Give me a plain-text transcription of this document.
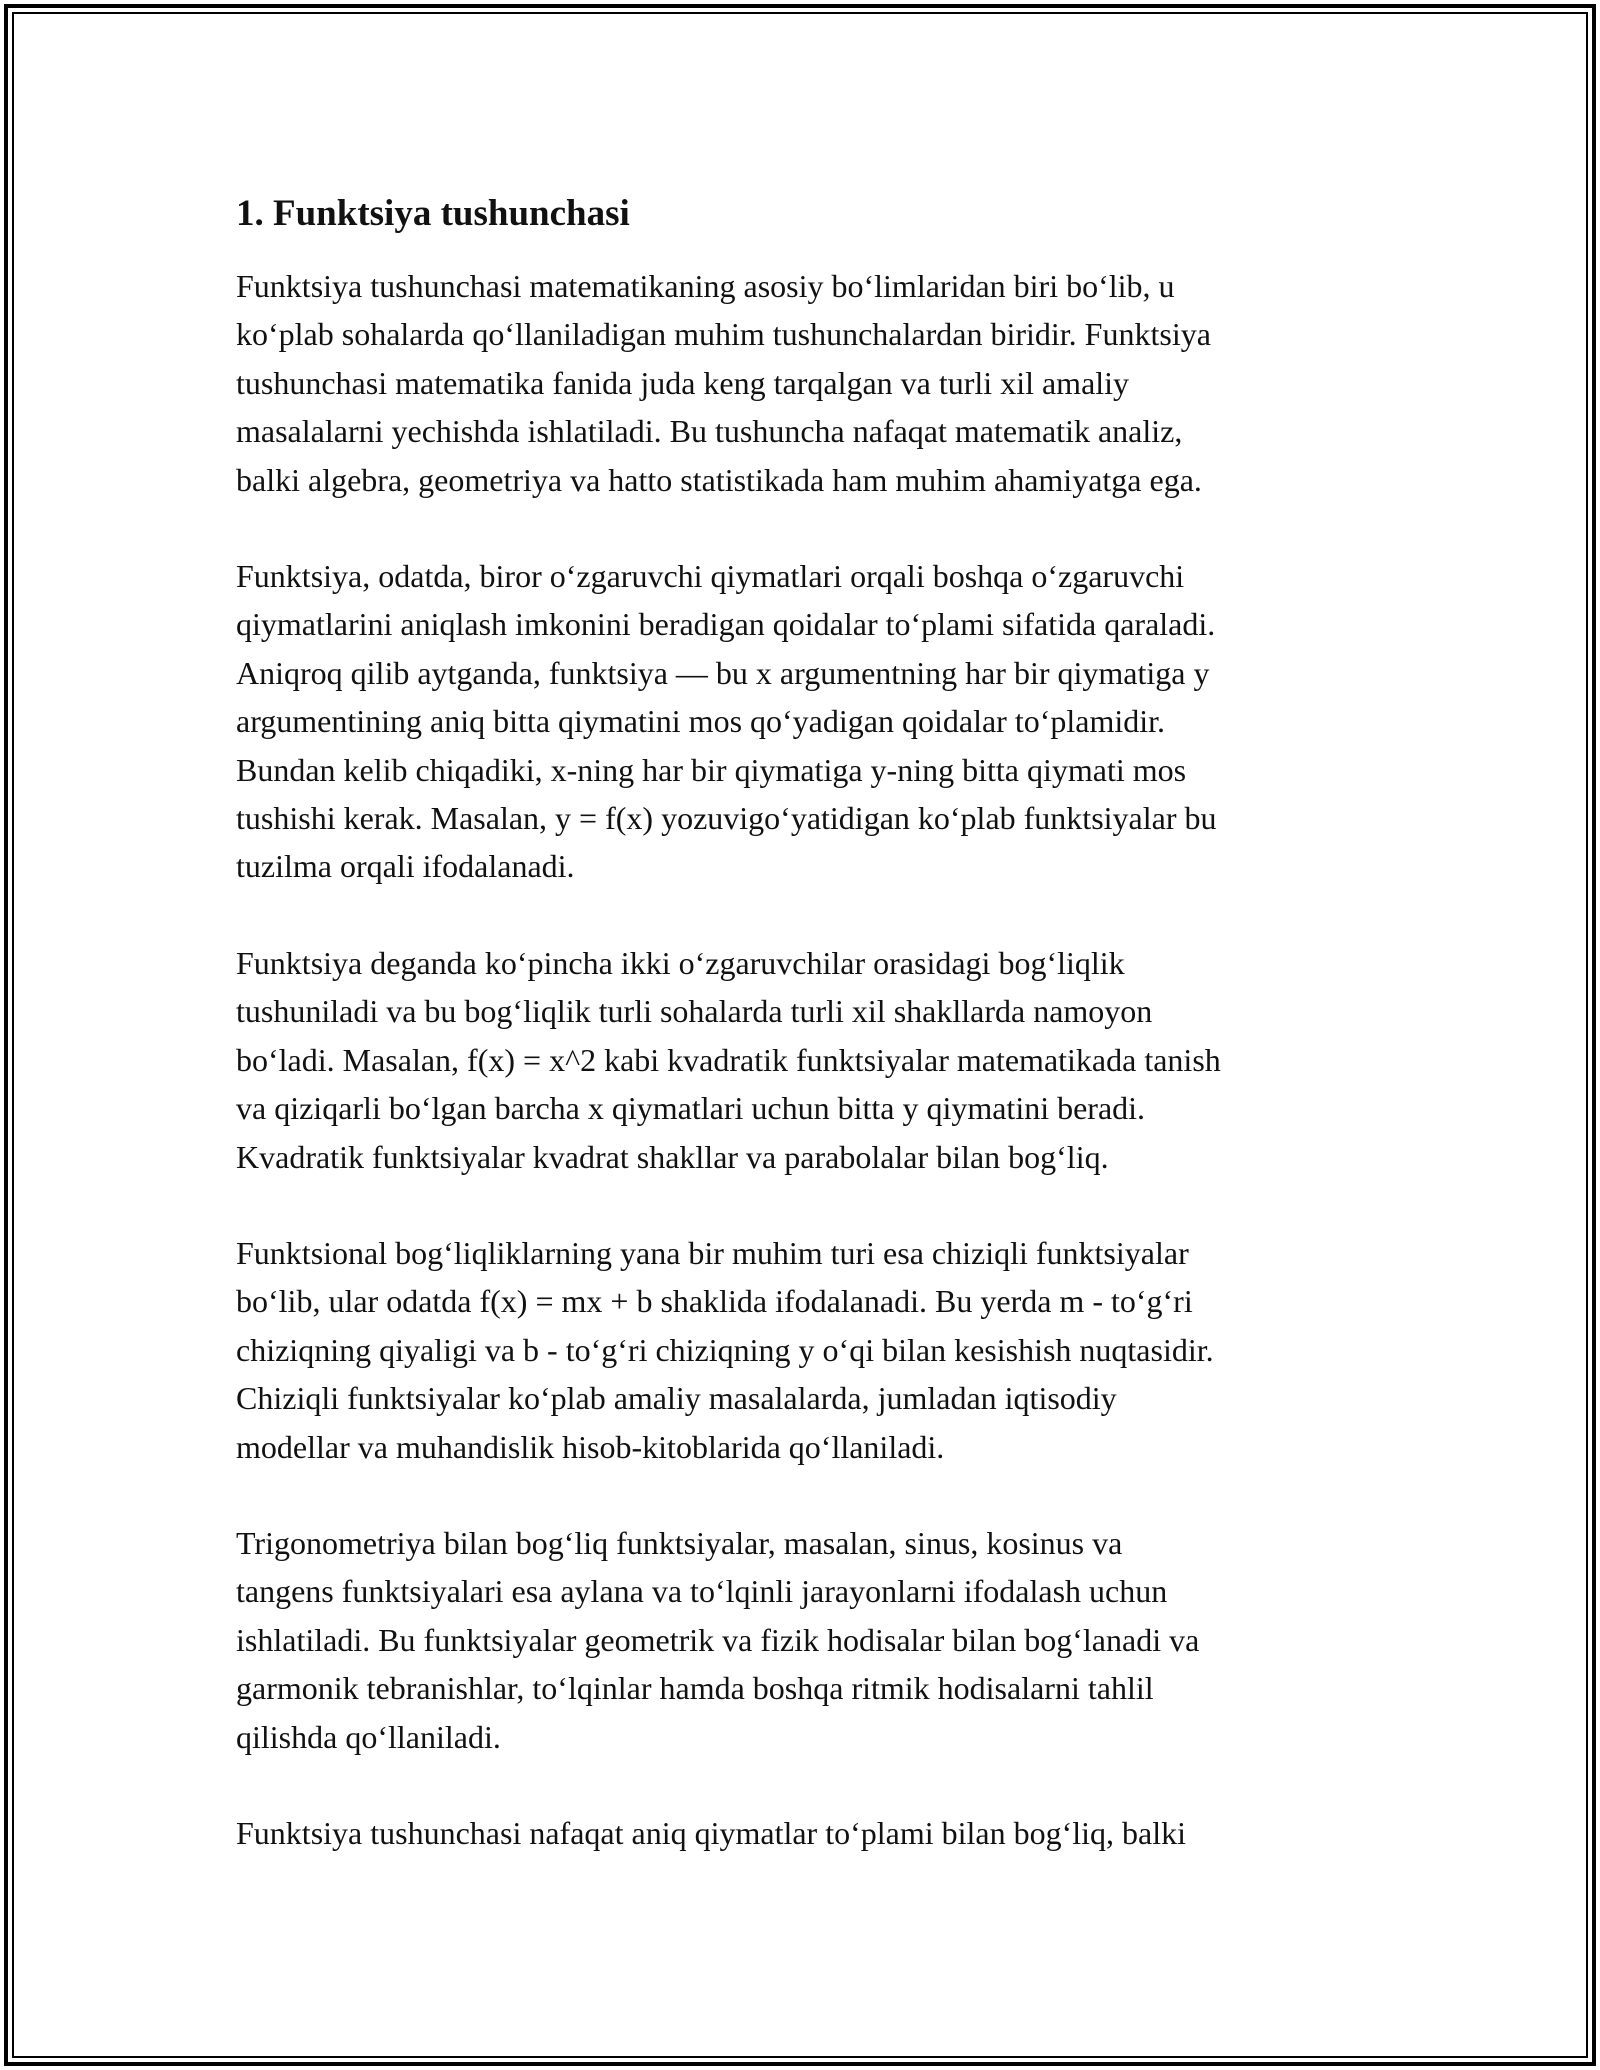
1. Funktsiya tushunchasi

Funktsiya tushunchasi matematikaning asosiy boʻlimlaridan biri boʻlib, u
koʻplab sohalarda qoʻllaniladigan muhim tushunchalardan biridir. Funktsiya
tushunchasi matematika fanida juda keng tarqalgan va turli xil amaliy
masalalarni yechishda ishlatiladi. Bu tushuncha nafaqat matematik analiz,
balki algebra, geometriya va hatto statistikada ham muhim ahamiyatga ega.

Funktsiya, odatda, biror oʻzgaruvchi qiymatlari orqali boshqa oʻzgaruvchi
qiymatlarini aniqlash imkonini beradigan qoidalar toʻplami sifatida qaraladi.
Aniqroq qilib aytganda, funktsiya — bu x argumentning har bir qiymatiga y
argumentining aniq bitta qiymatini mos qoʻyadigan qoidalar toʻplamidir.
Bundan kelib chiqadiki, x-ning har bir qiymatiga y-ning bitta qiymati mos
tushishi kerak. Masalan, y = f(x) yozuvigoʻyatidigan koʻplab funktsiyalar bu
tuzilma orqali ifodalanadi.

Funktsiya deganda koʻpincha ikki oʻzgaruvchilar orasidagi bogʻliqlik
tushuniladi va bu bogʻliqlik turli sohalarda turli xil shakllarda namoyon
boʻladi. Masalan, f(x) = x^2 kabi kvadratik funktsiyalar matematikada tanish
va qiziqarli boʻlgan barcha x qiymatlari uchun bitta y qiymatini beradi.
Kvadratik funktsiyalar kvadrat shakllar va parabolalar bilan bogʻliq.

Funktsional bogʻliqliklarning yana bir muhim turi esa chiziqli funktsiyalar
boʻlib, ular odatda f(x) = mx + b shaklida ifodalanadi. Bu yerda m - toʻgʻri
chiziqning qiyaligi va b - toʻgʻri chiziqning y oʻqi bilan kesishish nuqtasidir.
Chiziqli funktsiyalar koʻplab amaliy masalalarda, jumladan iqtisodiy
modellar va muhandislik hisob-kitoblarida qoʻllaniladi.

Trigonometriya bilan bogʻliq funktsiyalar, masalan, sinus, kosinus va
tangens funktsiyalari esa aylana va toʻlqinli jarayonlarni ifodalash uchun
ishlatiladi. Bu funktsiyalar geometrik va fizik hodisalar bilan bogʻlanadi va
garmonik tebranishlar, toʻlqinlar hamda boshqa ritmik hodisalarni tahlil
qilishda qoʻllaniladi.

Funktsiya tushunchasi nafaqat aniq qiymatlar toʻplami bilan bogʻliq, balki
